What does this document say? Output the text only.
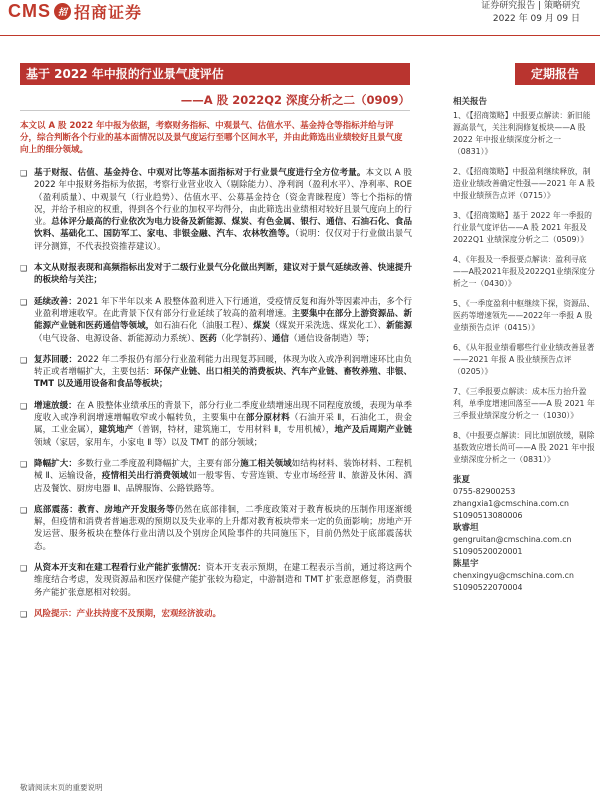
CMS 招 招商证券	证券研究报告 | 策略研究
2022 年 09 月 09 日
基于 2022 年中报的行业景气度评估	定期报告
——A 股 2022Q2 深度分析之二（0909）
本文以 A 股 2022 年中报为依据，考察财务指标、中观景气、估值水平、基金持仓等指标并给与评分，综合判断各个行业的基本面情况以及景气度运行至哪个区间水平，并由此筛选出业绩较好且景气度向上的细分领域。
❑ 基于财报、估值、基金持仓、中观对比等基本面指标对于行业景气度进行全方位考量。本文以 A 股 2022 年中报财务指标为依据，考察行业营业收入（剔除能力）、净利润（盈利水平）、净利率、ROE（盈利质量）、中观景气（行业趋势）、估值水平、公募基金持仓（资金青睐程度）等七个指标的情况，并给予相应的权重，得到各个行业的加权平均得分，由此筛选出业绩相对较好且景气度向上的行业。总体评分最高的行业依次为电力设备及新能源、煤炭、有色金属、银行、通信、石油石化、食品饮料、基础化工、国防军工、家电、非银金融、汽车、农林牧渔等。（说明：仅仅对于行业做出景气评分测算，不代表投资推荐建议）。
❑ 本文从财报表现和高频指标出发对于二级行业景气分化做出判断，建议对于景气延续改善、快速提升的板块给与关注；
❑ 延续改善：2021 年下半年以来 A 股整体盈利进入下行通道，受疫情反复和海外等因素冲击，多个行业盈利增速收窄。在此背景下仅有部分行业延续了较高的盈利增速。主要集中在部分上游资源品、新能源产业链和医药通信等领域，如石油石化（油服工程）、煤炭（煤炭开采洗选、煤炭化工）、新能源（电气设备、电源设备、新能源动力系统）、医药（化学制药）、通信（通信设备制造）等；
❑ 复苏回暖：2022 年二季报仍有部分行业盈利能力出现复苏回暖，体现为收入或净利润增速环比由负转正或者增幅扩大，主要包括：环保产业链、出口相关的消费板块、汽车产业链、畜牧养殖、非银、TMT 以及通用设备和食品等板块；
❑ 增速放缓：在 A 股整体业绩承压的背景下，部分行业二季度业绩增速出现不同程度放缓，表现为单季度收入或净利润增速增幅收窄或小幅转负，主要集中在部分原材料（石油开采 Ⅱ，石油化工，贵金属，工业金属），建筑地产（普钢，特材，建筑施工，专用材料 Ⅱ，专用机械），地产及后周期产业链领域（家居，家用车，小家电 Ⅱ 等）以及 TMT 的部分领域；
❑ 降幅扩大：多数行业二季度盈利降幅扩大，主要有部分施工相关领域如结构材料、装饰材料、工程机械 Ⅱ、运输设备，疫情相关出行消费领域如一般零售、专营连锁、专业市场经营 Ⅱ、旅游及休闲、酒店及餐饮、厨房电器 Ⅱ、品牌服饰、公路铁路等。
❑ 底部震荡：教育、房地产开发服务等仍然在底部徘徊，二季度政策对于教育板块的压制作用逐渐缓解，但疫情和消费者普遍悲观的预期以及失业率的上升都对教育板块带来一定的负面影响；房地产开发运营、服务板块在整体行业出清以及个别房企风险事件的共同施压下，目前仍然处于底部震荡状态。
❑ 从资本开支和在建工程看行业产能扩张情况：资本开支表示预期，在建工程表示当前，通过将这两个维度结合考虑，发现资源品和医疗保健产能扩张较为稳定，中游制造和 TMT 扩张意愿修复，消费服务产能扩张意愿相对较弱。
❑ 风险提示：产业扶持度不及预期，宏观经济波动。
相关报告
1、《【招商策略】中报要点解读：新旧能源高景气，关注利润修复板块——A 股 2022 年中报业绩深度分析之一（0831）》
2、《【招商策略】中报盈利继续释放，制造业业绩改善确定性强——2021 年 A 股中报业绩预告点评（0715）》
3、《【招商策略】基于 2022 年一季报的行业景气度评估——A 股 2021 年报及 2022Q1 业绩深度分析之二（0509）》
4、《年报及一季报要点解读：盈利寻底——A股2021年报及2022Q1业绩深度分析之一（0430）》
5、《一季度盈利中枢继续下探，资源品、医药等增速领先——2022年一季报 A 股业绩预告点评（0415）》
6、《从年报业绩看哪些行业业绩改善显著——2021 年报 A 股业绩预告点评（0205）》
7、《三季报要点解读：成本压力抬升盈利，单季度增速回落至——A 股 2021 年三季报业绩深度分析之一（1030）》
8、《中报要点解读：同比加剧放缓，剔除基数效应增长尚可——A 股 2021 年中报业绩深度分析之一（0831）》
张夏
0755-82900253
zhangxia1@cmschina.com.cn
S1090513080006
耿睿坦
gengruitan@cmschina.com.cn
S1090520020001
陈星宇
chenxingyu@cmschina.com.cn
S1090522070004
敬请阅读末页的重要说明
